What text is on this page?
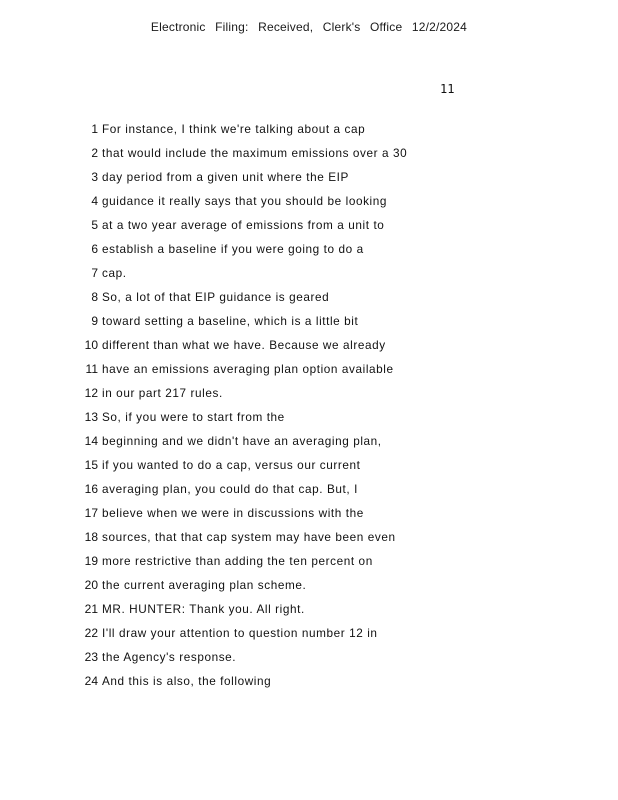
Electronic Filing: Received, Clerk's Office 12/2/2024
11
1 For instance, I think we're talking about a cap
2 that would include the maximum emissions over a 30
3 day period from a given unit where the EIP
4 guidance it really says that you should be looking
5 at a two year average of emissions from a unit to
6 establish a baseline if you were going to do a
7 cap.
8 So, a lot of that EIP guidance is geared
9 toward setting a baseline, which is a little bit
10 different than what we have. Because we already
11 have an emissions averaging plan option available
12 in our part 217 rules.
13 So, if you were to start from the
14 beginning and we didn't have an averaging plan,
15 if you wanted to do a cap, versus our current
16 averaging plan, you could do that cap. But, I
17 believe when we were in discussions with the
18 sources, that that cap system may have been even
19 more restrictive than adding the ten percent on
20 the current averaging plan scheme.
21 MR. HUNTER: Thank you. All right.
22 I'll draw your attention to question number 12 in
23 the Agency's response.
24 And this is also, the following
